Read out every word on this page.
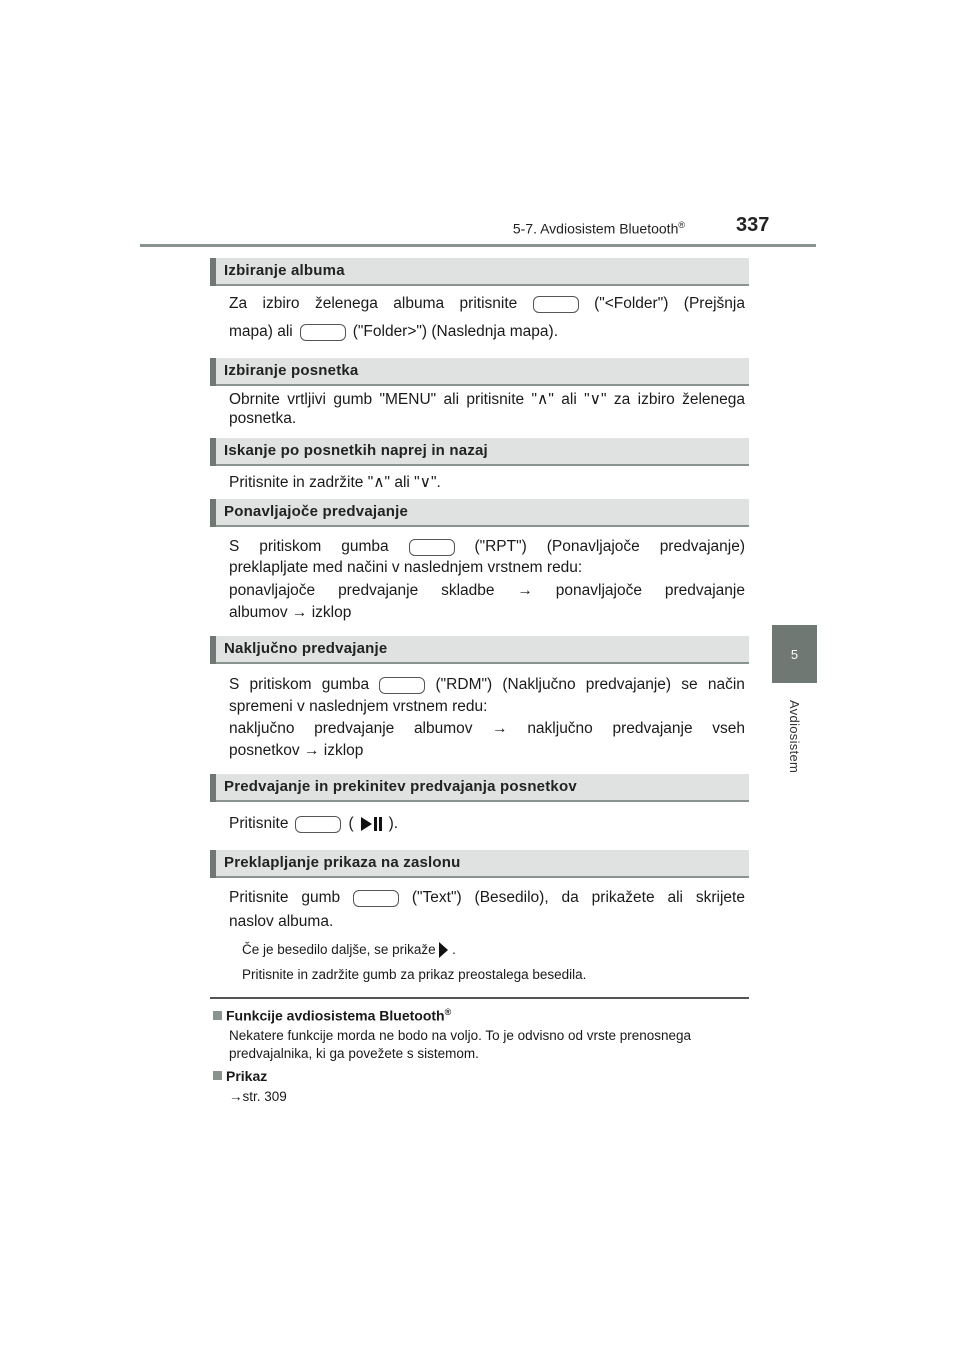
5-7. Avdiosistem Bluetooth®	337
5
Avdiosistem
Izbiranje albuma
Za izbiro želenega albuma pritisnite	("<Folder") (Prejšnja
mapa) ali	("Folder>") (Naslednja mapa).
Izbiranje posnetka
Obrnite vrtljivi gumb "MENU" ali pritisnite "∧" ali "∨" za izbiro želenega posnetka.
Iskanje po posnetkih naprej in nazaj
Pritisnite in zadržite "∧" ali "∨".
Ponavljajoče predvajanje
S pritiskom gumba	("RPT") (Ponavljajoče predvajanje)
preklapljate med načini v naslednjem vrstnem redu:
ponavljajoče predvajanje skladbe → ponavljajoče predvajanje
albumov → izklop
Naključno predvajanje
S pritiskom gumba	("RDM") (Naključno predvajanje) se način
spremeni v naslednjem vrstnem redu:
naključno predvajanje albumov → naključno predvajanje vseh
posnetkov → izklop
Predvajanje in prekinitev predvajanja posnetkov
Pritisnite	( ).
Preklapljanje prikaza na zaslonu
Pritisnite gumb	("Text") (Besedilo), da prikažete ali skrijete
naslov albuma.
Če je besedilo daljše, se prikaže .
Pritisnite in zadržite gumb za prikaz preostalega besedila.
Funkcije avdiosistema Bluetooth®
Nekatere funkcije morda ne bodo na voljo. To je odvisno od vrste prenosnega predvajalnika, ki ga povežete s sistemom.
Prikaz
→str. 309
